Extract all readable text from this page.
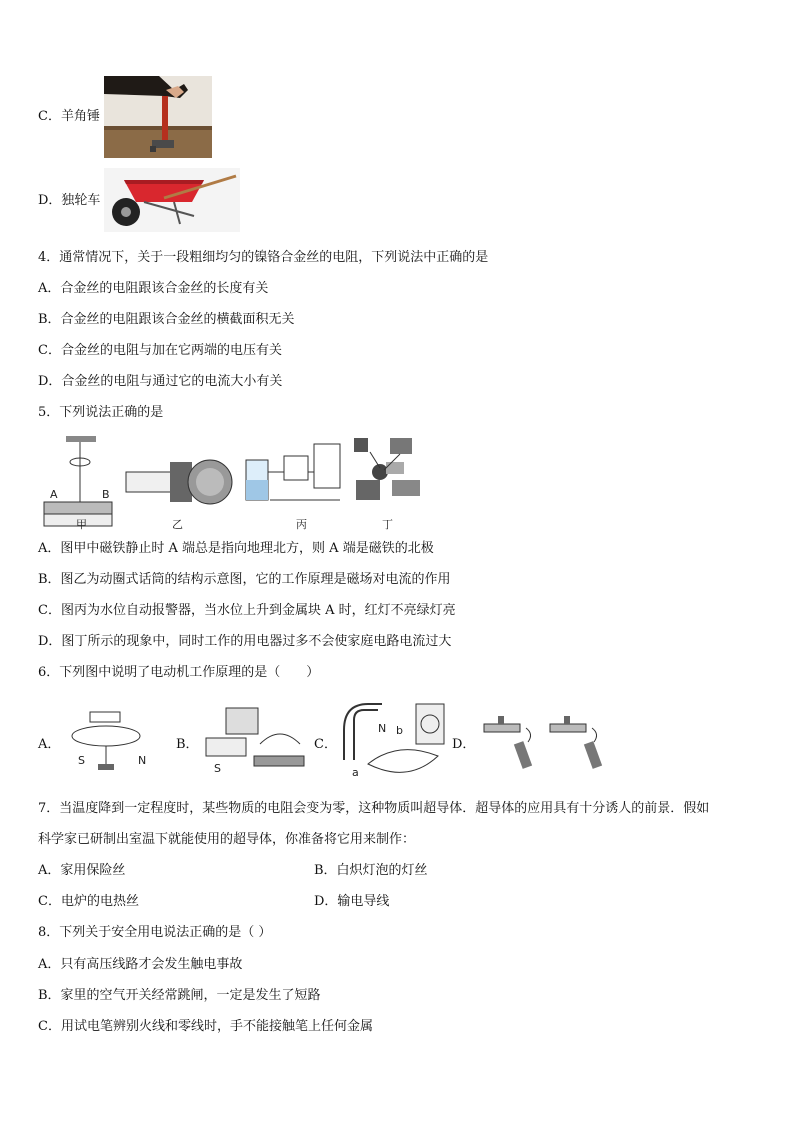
C．羊角锤
D．独轮车
4．通常情况下，关于一段粗细均匀的镍铬合金丝的电阻，下列说法中正确的是
A．合金丝的电阻跟该合金丝的长度有关
B．合金丝的电阻跟该合金丝的横截面积无关
C．合金丝的电阻与加在它两端的电压有关
D．合金丝的电阻与通过它的电流大小有关
5．下列说法正确的是
A	B
甲	乙	丙	丁
A．图甲中磁铁静止时 A 端总是指向地理北方，则 A 端是磁铁的北极
B．图乙为动圈式话筒的结构示意图，它的工作原理是磁场对电流的作用
C．图丙为水位自动报警器，当水位上升到金属块 A 时，红灯不亮绿灯亮
D．图丁所示的现象中，同时工作的用电器过多不会使家庭电路电流过大
6．下列图中说明了电动机工作原理的是（　　）
A．
S	N
B．
S
C．
N b
a
D．
7．当温度降到一定程度时，某些物质的电阻会变为零，这种物质叫超导体．超导体的应用具有十分诱人的前景．假如
科学家已研制出室温下就能使用的超导体，你准备将它用来制作：
A．家用保险丝	B．白炽灯泡的灯丝
C．电炉的电热丝	D．输电导线
8．下列关于安全用电说法正确的是（ ）
A．只有高压线路才会发生触电事故
B．家里的空气开关经常跳闸，一定是发生了短路
C．用试电笔辨别火线和零线时，手不能接触笔上任何金属
